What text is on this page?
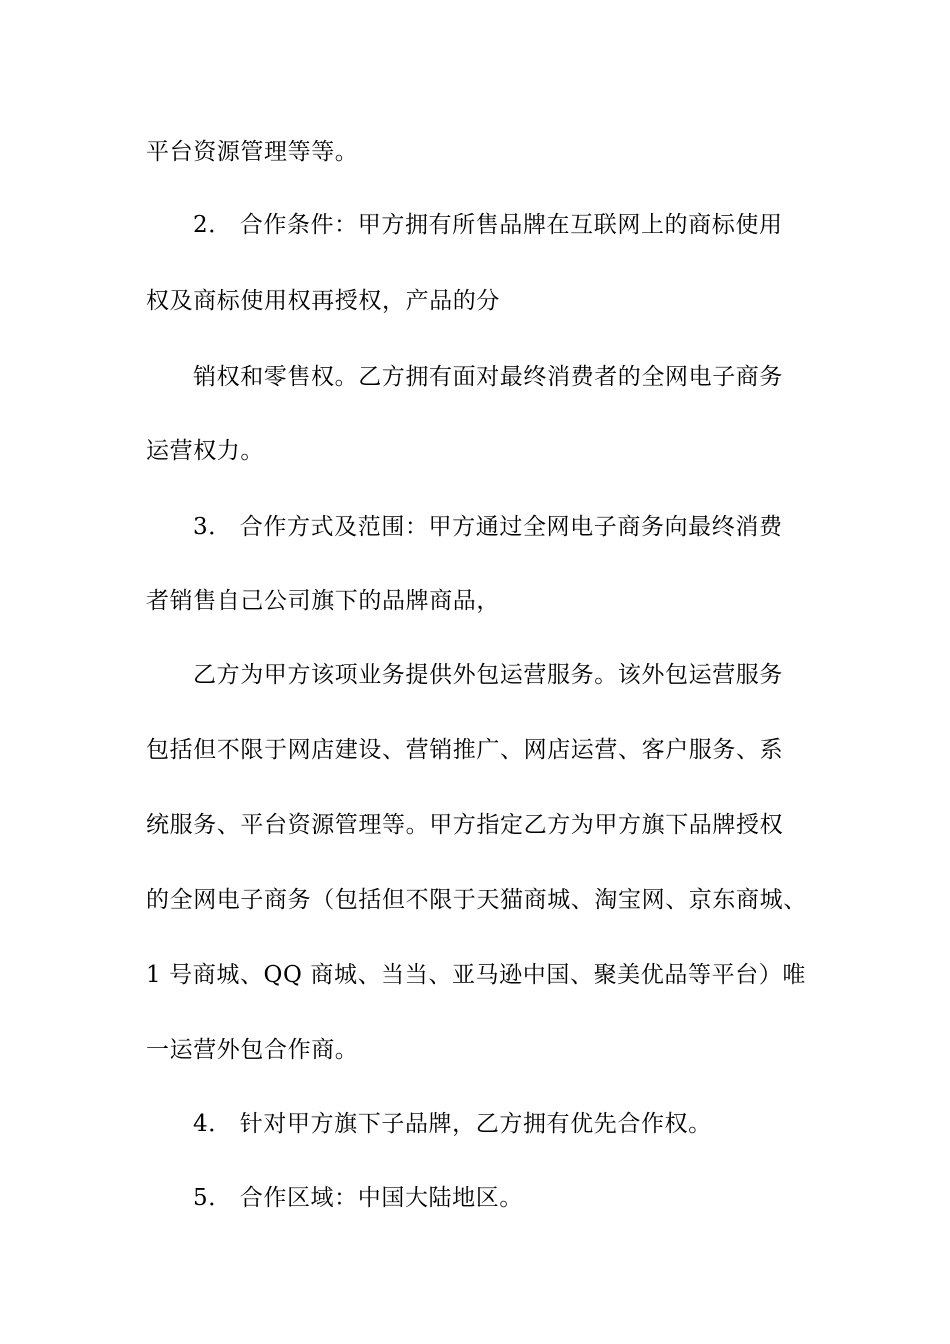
平台资源管理等等。
2． 合作条件：甲方拥有所售品牌在互联网上的商标使用
权及商标使用权再授权，产品的分
销权和零售权。乙方拥有面对最终消费者的全网电子商务
运营权力。
3． 合作方式及范围：甲方通过全网电子商务向最终消费
者销售自己公司旗下的品牌商品，
乙方为甲方该项业务提供外包运营服务。该外包运营服务
包括但不限于网店建设、营销推广、网店运营、客户服务、系
统服务、平台资源管理等。甲方指定乙方为甲方旗下品牌授权
的全网电子商务（包括但不限于天猫商城、淘宝网、京东商城、
1 号商城、QQ 商城、当当、亚马逊中国、聚美优品等平台）唯
一运营外包合作商。
4． 针对甲方旗下子品牌，乙方拥有优先合作权。
5． 合作区域：中国大陆地区。
